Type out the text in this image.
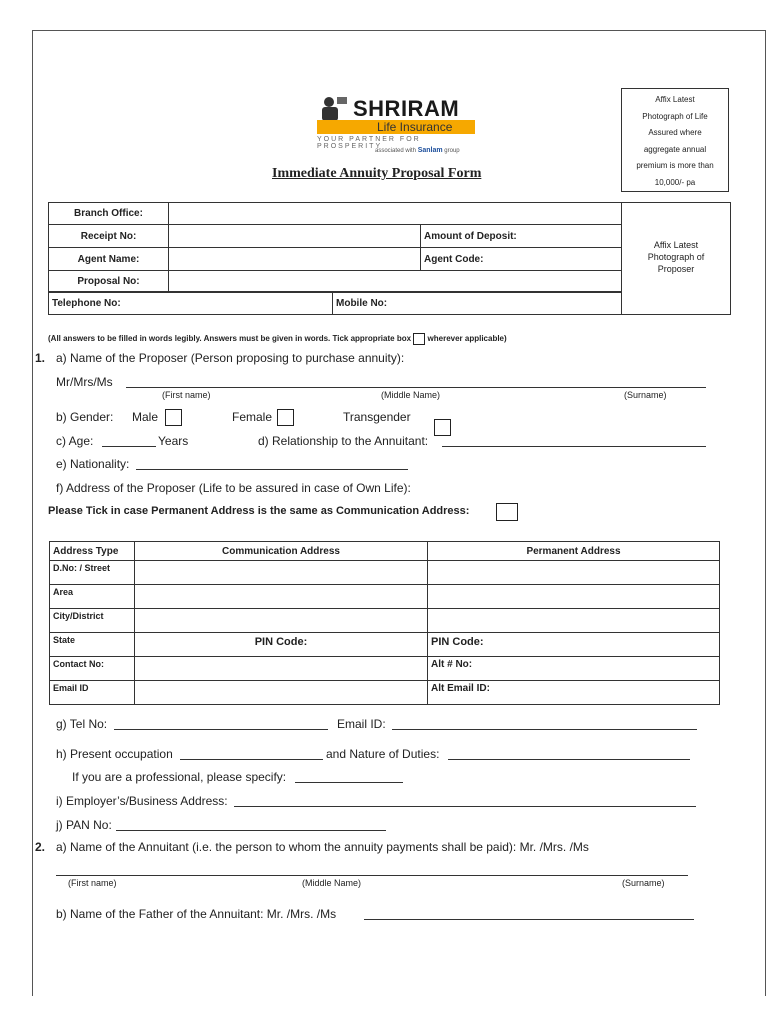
SHRIRAM
Life Insurance
YOUR PARTNER FOR PROSPERITY
associated with Sanlam group
Immediate Annuity Proposal Form
Affix Latest
Photograph of Life
Assured where
aggregate annual
premium is more than
10,000/- pa
Affix Latest
Photograph of
Proposer
Branch Office:		
Receipt No:		Amount of Deposit:
Agent Name:		Agent Code:
Proposal No:		
Telephone No:	Mobile No:
(All answers to be filled in words legibly. Answers must be given in words. Tick appropriate box wherever applicable)
1. a) Name of the Proposer (Person proposing to purchase annuity):
Mr/Mrs/Ms
(First name)	(Middle Name)	(Surname)
b) Gender: Male	Female	Transgender
c) Age:	Years	d) Relationship to the Annuitant:
e) Nationality:
f) Address of the Proposer (Life to be assured in case of Own Life):
Please Tick in case Permanent Address is the same as Communication Address:
Address Type	Communication Address	Permanent Address
D.No: / Street		
Area		
City/District		
State	PIN Code:	PIN Code:
Contact No:		Alt # No:
Email ID		Alt Email ID:
g) Tel No:	Email ID:
h) Present occupation	and Nature of Duties:
If you are a professional, please specify:
i) Employer’s/Business Address:
j) PAN No:
2. a) Name of the Annuitant (i.e. the person to whom the annuity payments shall be paid): Mr. /Mrs. /Ms
(First name)	(Middle Name)	(Surname)
b) Name of the Father of the Annuitant: Mr. /Mrs. /Ms
